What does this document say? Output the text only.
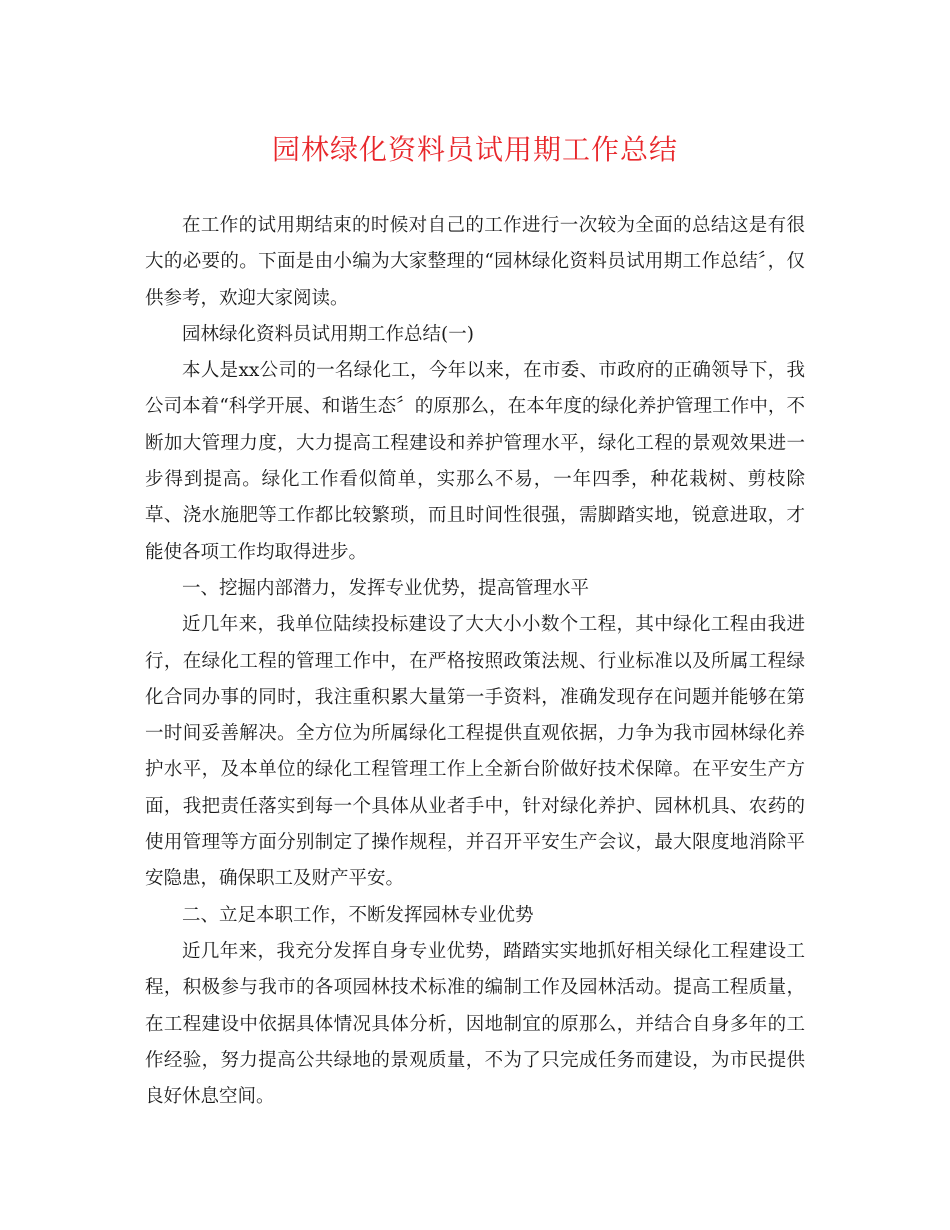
园林绿化资料员试用期工作总结

在工作的试用期结束的时候对自己的工作进行一次较为全面的总结这是有很大的必要的。下面是由小编为大家整理的“园林绿化资料员试用期工作总结〞，仅供参考，欢迎大家阅读。

园林绿化资料员试用期工作总结(一)

本人是xx公司的一名绿化工，今年以来，在市委、市政府的正确领导下，我公司本着“科学开展、和谐生态〞的原那么，在本年度的绿化养护管理工作中，不断加大管理力度，大力提高工程建设和养护管理水平，绿化工程的景观效果进一步得到提高。绿化工作看似简单，实那么不易，一年四季，种花栽树、剪枝除草、浇水施肥等工作都比较繁琐，而且时间性很强，需脚踏实地，锐意进取，才能使各项工作均取得进步。

一、挖掘内部潜力，发挥专业优势，提高管理水平

近几年来，我单位陆续投标建设了大大小小数个工程，其中绿化工程由我进行，在绿化工程的管理工作中，在严格按照政策法规、行业标准以及所属工程绿化合同办事的同时，我注重积累大量第一手资料，准确发现存在问题并能够在第一时间妥善解决。全方位为所属绿化工程提供直观依据，力争为我市园林绿化养护水平，及本单位的绿化工程管理工作上全新台阶做好技术保障。在平安生产方面，我把责任落实到每一个具体从业者手中，针对绿化养护、园林机具、农药的使用管理等方面分别制定了操作规程，并召开平安生产会议，最大限度地消除平安隐患，确保职工及财产平安。

二、立足本职工作，不断发挥园林专业优势

近几年来，我充分发挥自身专业优势，踏踏实实地抓好相关绿化工程建设工程，积极参与我市的各项园林技术标准的编制工作及园林活动。提高工程质量，在工程建设中依据具体情况具体分析，因地制宜的原那么，并结合自身多年的工作经验，努力提高公共绿地的景观质量，不为了只完成任务而建设，为市民提供良好休息空间。
